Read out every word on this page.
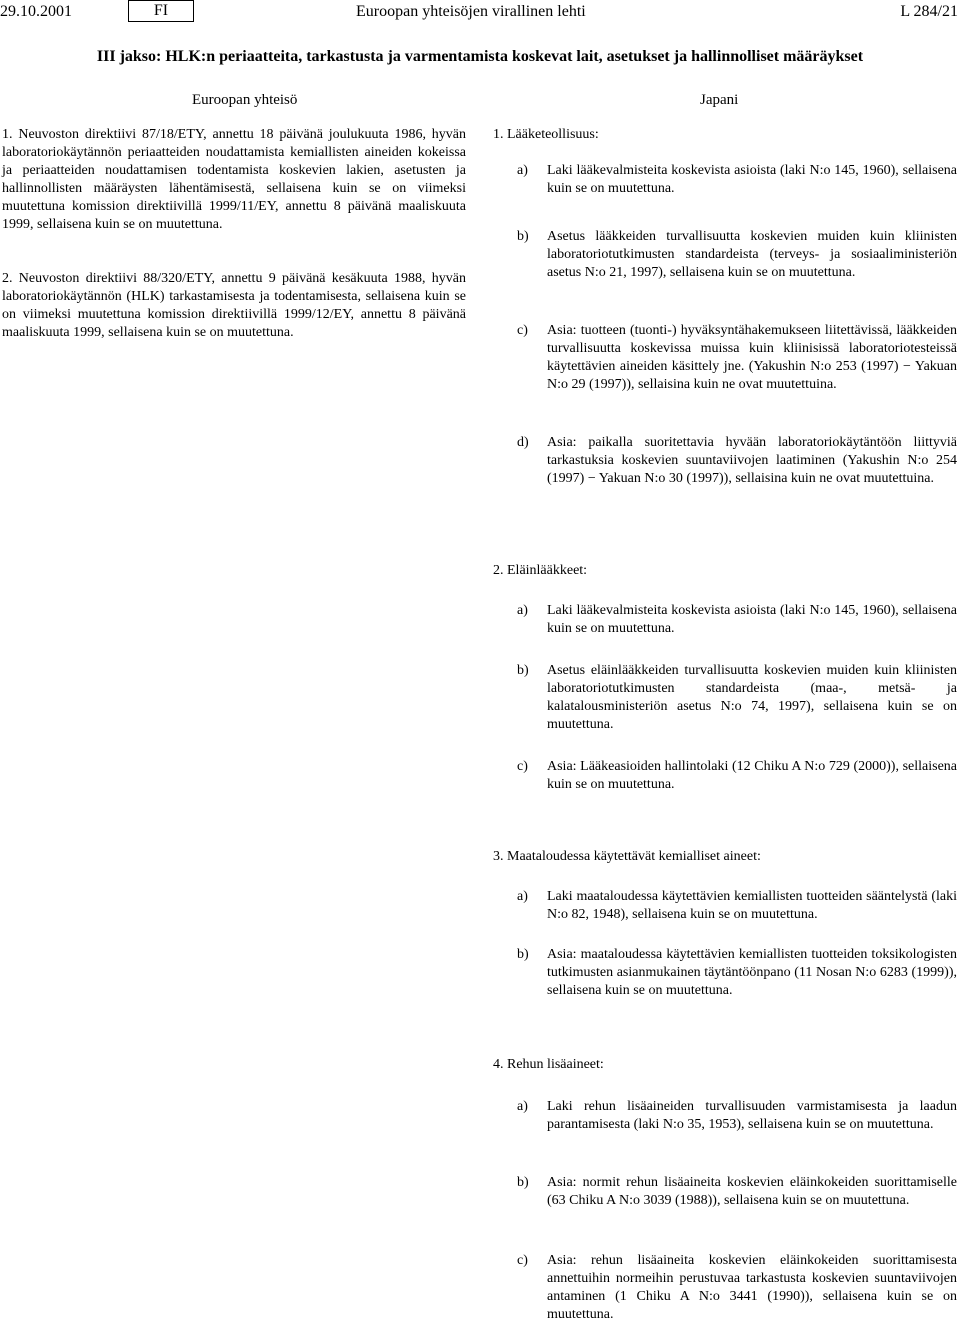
29.10.2001	FI	Euroopan yhteisöjen virallinen lehti	L 284/21
III jakso: HLK:n periaatteita, tarkastusta ja varmentamista koskevat lait, asetukset ja hallinnolliset määräykset
Euroopan yhteisö
1. Neuvoston direktiivi 87/18/ETY, annettu 18 päivänä joulukuuta 1986, hyvän laboratoriokäytännön periaatteiden noudattamista kemiallisten aineiden kokeissa ja periaatteiden noudattamisen todentamista koskevien lakien, asetusten ja hallinnollisten määräysten lähentämisestä, sellaisena kuin se on viimeksi muutettuna komission direktiivillä 1999/11/EY, annettu 8 päivänä maaliskuuta 1999, sellaisena kuin se on muutettuna.
2. Neuvoston direktiivi 88/320/ETY, annettu 9 päivänä kesäkuuta 1988, hyvän laboratoriokäytännön (HLK) tarkastamisesta ja todentamisesta, sellaisena kuin se on viimeksi muutettuna komission direktiivillä 1999/12/EY, annettu 8 päivänä maaliskuuta 1999, sellaisena kuin se on muutettuna.
Japani
1. Lääketeollisuus:
a) Laki lääkevalmisteita koskevista asioista (laki N:o 145, 1960), sellaisena kuin se on muutettuna.
b) Asetus lääkkeiden turvallisuutta koskevien muiden kuin kliinisten laboratoriotutkimusten standardeista (terveys- ja sosiaaliministeriön asetus N:o 21, 1997), sellaisena kuin se on muutettuna.
c) Asia: tuotteen (tuonti-) hyväksyntähakemukseen liitettävissä, lääkkeiden turvallisuutta koskevissa muissa kuin kliinisissä laboratoriotesteissä käytettävien aineiden käsittely jne. (Yakushin N:o 253 (1997) − Yakuan N:o 29 (1997)), sellaisina kuin ne ovat muutettuina.
d) Asia: paikalla suoritettavia hyvään laboratoriokäytäntöön liittyviä tarkastuksia koskevien suuntaviivojen laatiminen (Yakushin N:o 254 (1997) − Yakuan N:o 30 (1997)), sellaisina kuin ne ovat muutettuina.
2. Eläinlääkkeet:
a) Laki lääkevalmisteita koskevista asioista (laki N:o 145, 1960), sellaisena kuin se on muutettuna.
b) Asetus eläinlääkkeiden turvallisuutta koskevien muiden kuin kliinisten laboratoriotutkimusten standardeista (maa-, metsä- ja kalatalousministeriön asetus N:o 74, 1997), sellaisena kuin se on muutettuna.
c) Asia: Lääkeasioiden hallintolaki (12 Chiku A N:o 729 (2000)), sellaisena kuin se on muutettuna.
3. Maataloudessa käytettävät kemialliset aineet:
a) Laki maataloudessa käytettävien kemiallisten tuotteiden sääntelystä (laki N:o 82, 1948), sellaisena kuin se on muutettuna.
b) Asia: maataloudessa käytettävien kemiallisten tuotteiden toksikologisten tutkimusten asianmukainen täytäntöönpano (11 Nosan N:o 6283 (1999)), sellaisena kuin se on muutettuna.
4. Rehun lisäaineet:
a) Laki rehun lisäaineiden turvallisuuden varmistamisesta ja laadun parantamisesta (laki N:o 35, 1953), sellaisena kuin se on muutettuna.
b) Asia: normit rehun lisäaineita koskevien eläinkokeiden suorittamiselle (63 Chiku A N:o 3039 (1988)), sellaisena kuin se on muutettuna.
c) Asia: rehun lisäaineita koskevien eläinkokeiden suorittamisesta annettuihin normeihin perustuvaa tarkastusta koskevien suuntaviivojen antaminen (1 Chiku A N:o 3441 (1990)), sellaisena kuin se on muutettuna.
